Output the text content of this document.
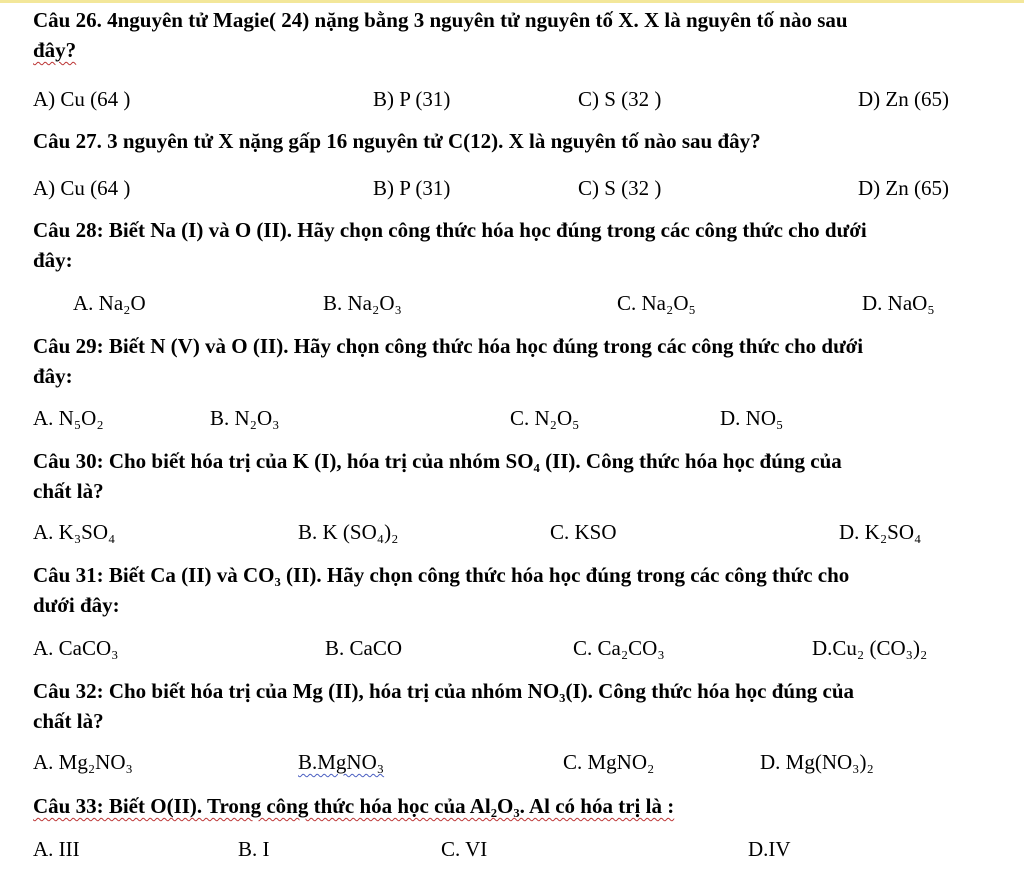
Câu 26. 4nguyên tử Magie( 24) nặng bằng 3 nguyên tử nguyên tố X. X là nguyên tố nào sau
đây?
A) Cu (64 )	B) P (31)	C) S (32 )	D) Zn (65)
Câu 27. 3 nguyên tử X nặng gấp 16 nguyên tử C(12). X là nguyên tố nào sau đây?
A) Cu (64 )	B) P (31)	C) S (32 )	D) Zn (65)
Câu 28: Biết Na (I) và O (II). Hãy chọn công thức hóa học đúng trong các công thức cho dưới
đây:
A. Na₂O	B. Na₂O₃	C. Na₂O₅	D. NaO₅
Câu 29: Biết N (V) và O (II). Hãy chọn công thức hóa học đúng trong các công thức cho dưới
đây:
A. N₅O₂	B. N₂O₃	C. N₂O₅	D. NO₅
Câu 30: Cho biết hóa trị của K (I), hóa trị của nhóm SO₄ (II). Công thức hóa học đúng của
chất là?
A. K₃SO₄	B. K (SO₄)₂	C. KSO	D. K₂SO₄
Câu 31: Biết Ca (II) và CO₃ (II). Hãy chọn công thức hóa học đúng trong các công thức cho
dưới đây:
A. CaCO₃	B. CaCO	C. Ca₂CO₃	D.Cu₂ (CO₃)₂
Câu 32: Cho biết hóa trị của Mg (II), hóa trị của nhóm NO₃(I). Công thức hóa học đúng của
chất là?
A. Mg₂NO₃	B.MgNO₃	C. MgNO₂	D. Mg(NO₃)₂
Câu 33: Biết O(II). Trong công thức hóa học của Al₂O₃. Al có hóa trị là :
A. III	B. I	C. VI	D.IV
